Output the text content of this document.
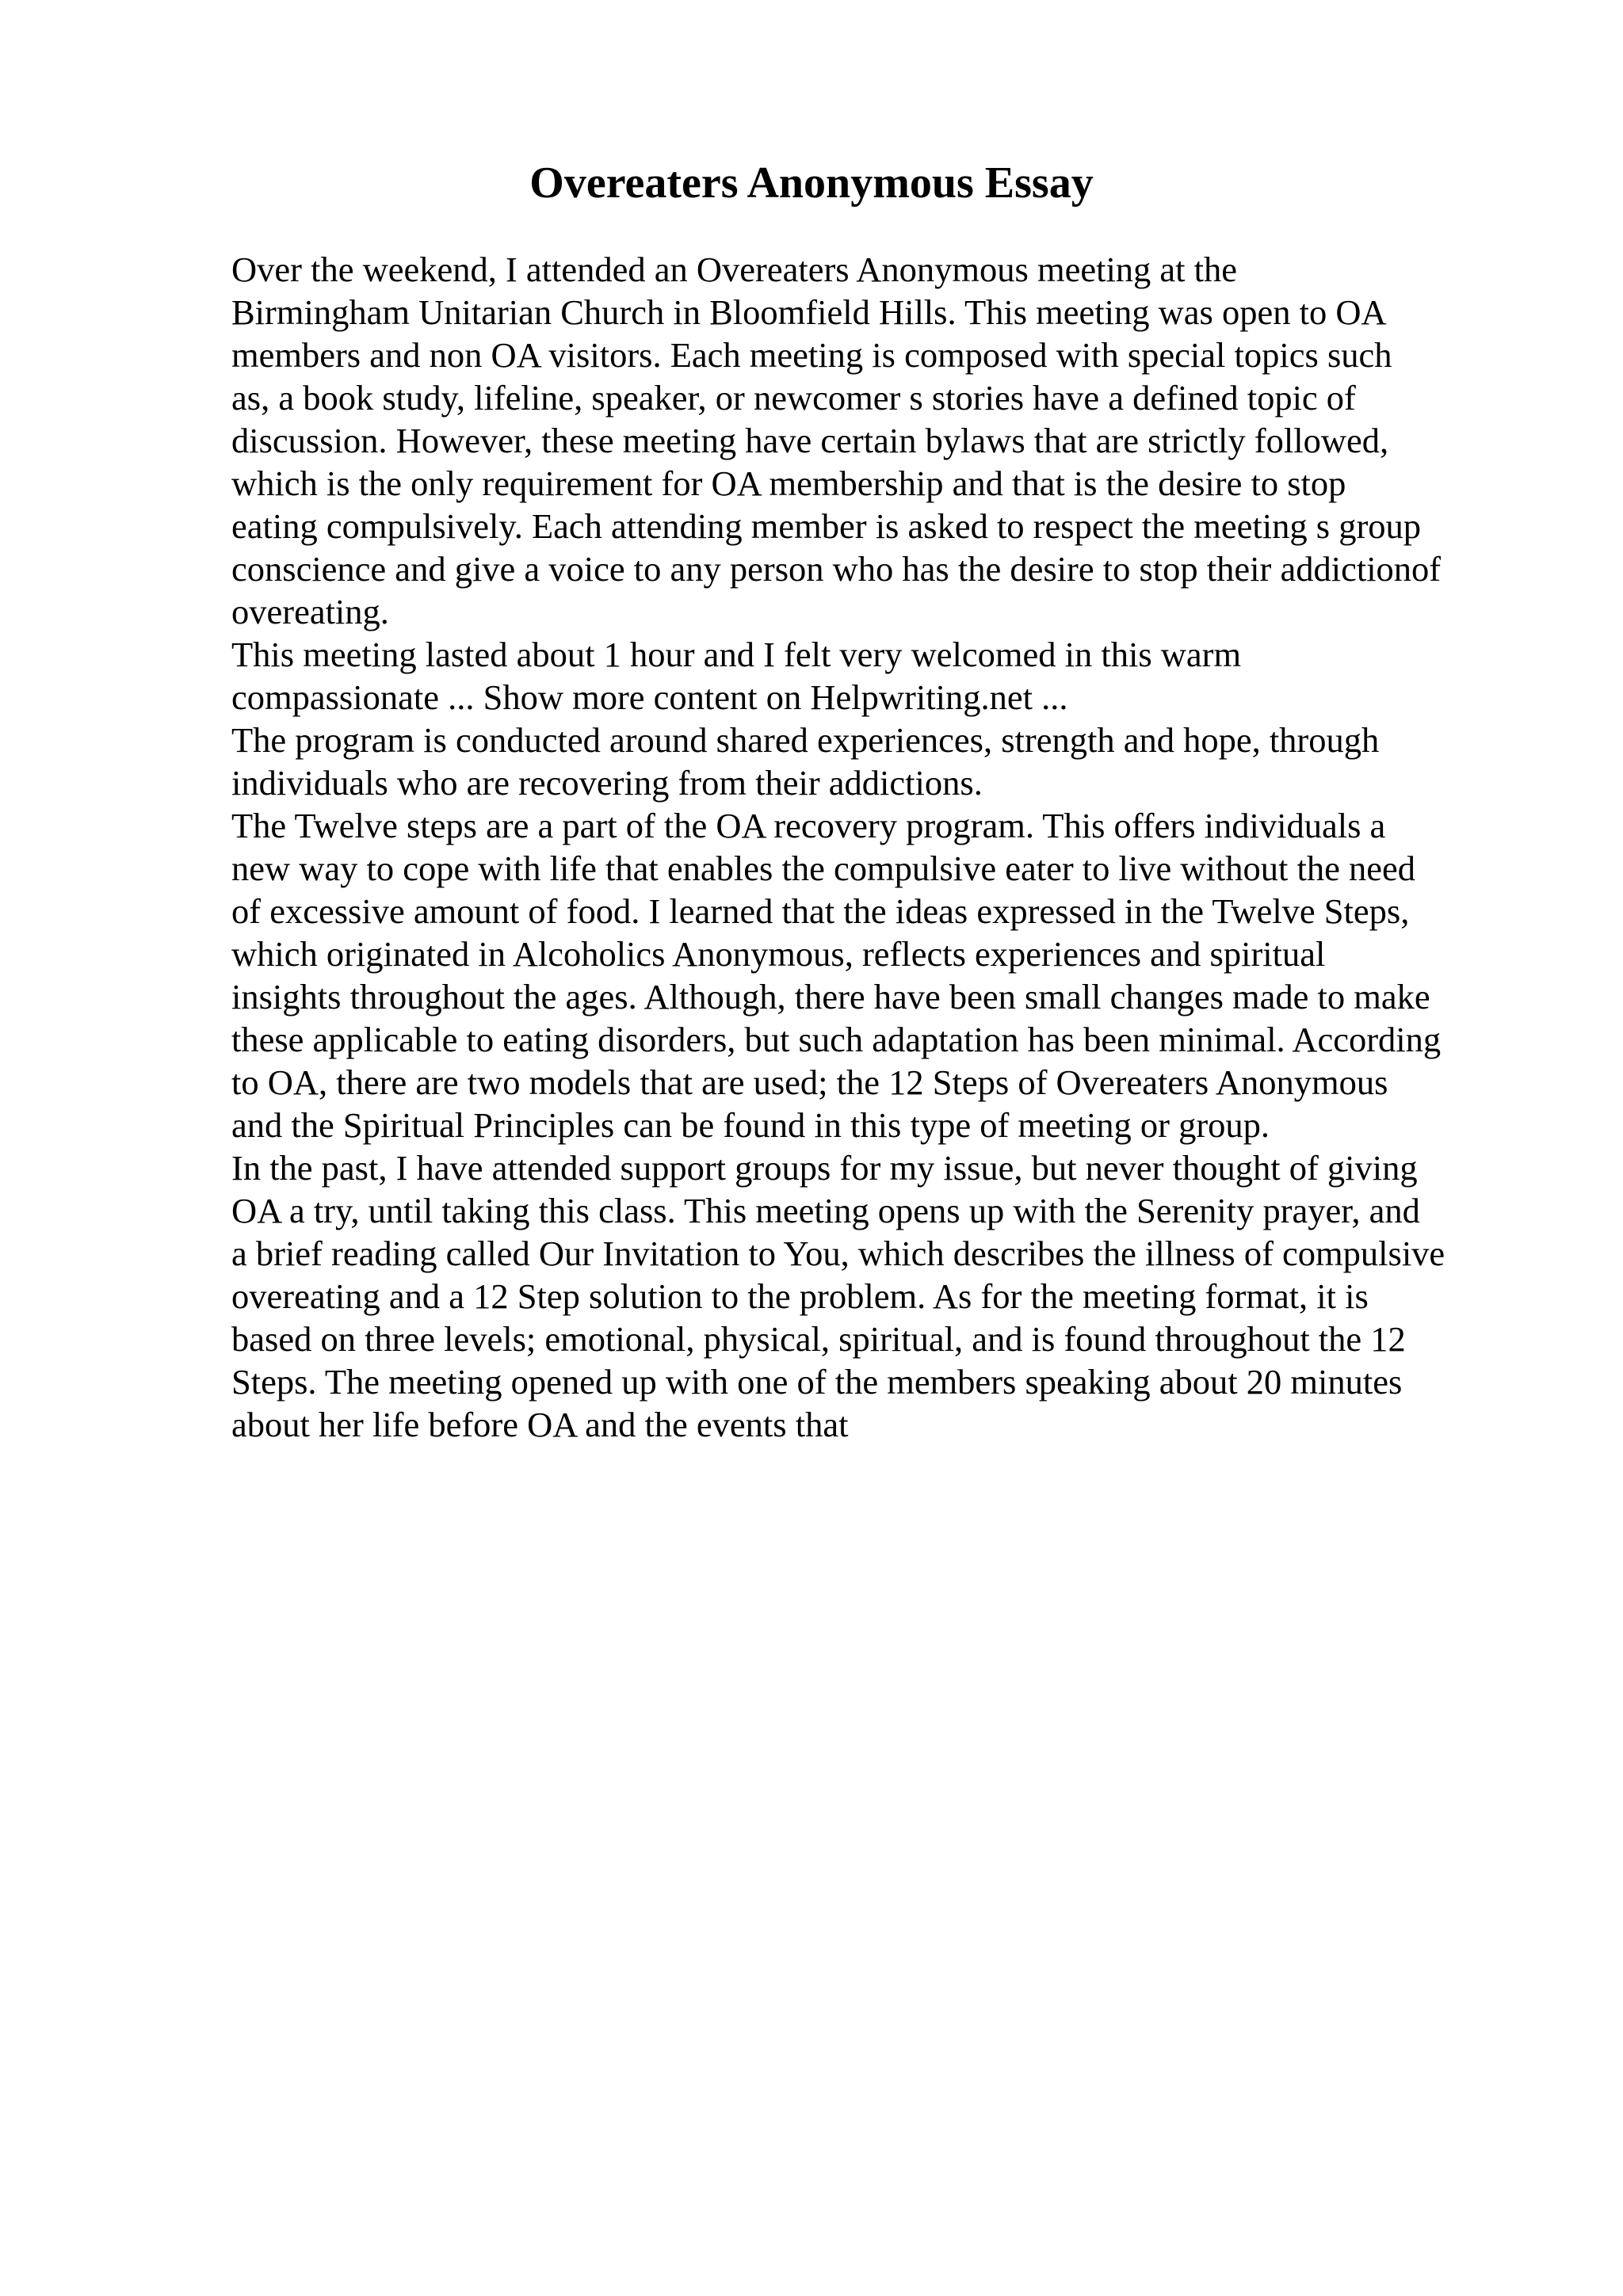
Overeaters Anonymous Essay
Over the weekend, I attended an Overeaters Anonymous meeting at the
Birmingham Unitarian Church in Bloomfield Hills. This meeting was open to OA
members and non OA visitors. Each meeting is composed with special topics such
as, a book study, lifeline, speaker, or newcomer s stories have a defined topic of
discussion. However, these meeting have certain bylaws that are strictly followed,
which is the only requirement for OA membership and that is the desire to stop
eating compulsively. Each attending member is asked to respect the meeting s group
conscience and give a voice to any person who has the desire to stop their addictionof
overeating.
This meeting lasted about 1 hour and I felt very welcomed in this warm
compassionate ... Show more content on Helpwriting.net ...
The program is conducted around shared experiences, strength and hope, through
individuals who are recovering from their addictions.
The Twelve steps are a part of the OA recovery program. This offers individuals a
new way to cope with life that enables the compulsive eater to live without the need
of excessive amount of food. I learned that the ideas expressed in the Twelve Steps,
which originated in Alcoholics Anonymous, reflects experiences and spiritual
insights throughout the ages. Although, there have been small changes made to make
these applicable to eating disorders, but such adaptation has been minimal. According
to OA, there are two models that are used; the 12 Steps of Overeaters Anonymous
and the Spiritual Principles can be found in this type of meeting or group.
In the past, I have attended support groups for my issue, but never thought of giving
OA a try, until taking this class. This meeting opens up with the Serenity prayer, and
a brief reading called Our Invitation to You, which describes the illness of compulsive
overeating and a 12 Step solution to the problem. As for the meeting format, it is
based on three levels; emotional, physical, spiritual, and is found throughout the 12
Steps. The meeting opened up with one of the members speaking about 20 minutes
about her life before OA and the events that
